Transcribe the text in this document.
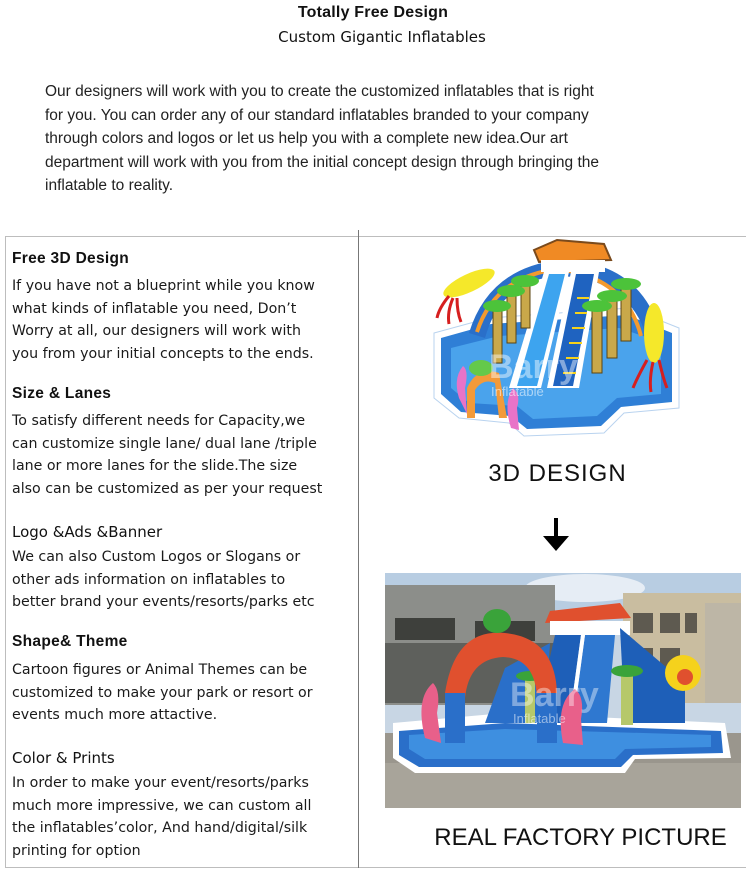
Totally Free Design
Custom Gigantic Inflatables
Our designers will work with you to create the customized inflatables that is right
for you. You can order any of our standard inflatables branded to your company
through colors and logos or let us help you with a complete new idea.Our art
department will work with you from the initial concept design through bringing the
inflatable to reality.
Free 3D Design
If you have not a blueprint while you know
what kinds of inflatable you need, Don’t
Worry at all, our designers will work with
you from your initial concepts to the ends.
Size & Lanes
To satisfy different needs for Capacity,we
can customize single lane/ dual lane /triple
lane or more lanes for the slide.The size
also can be customized as per your request
Logo &Ads &Banner
We can also Custom Logos or Slogans or
other ads information on inflatables to
better brand your events/resorts/parks etc
Shape& Theme
Cartoon figures or Animal Themes can be
customized to make your park or resort or
events much more attactive.
Color & Prints
In order to make your event/resorts/parks
much more impressive, we can custom all
the inflatables’color, And hand/digital/silk
printing for option
Barry
Inflatable
3D DESIGN
Barry
Inflatable
REAL FACTORY PICTURE
